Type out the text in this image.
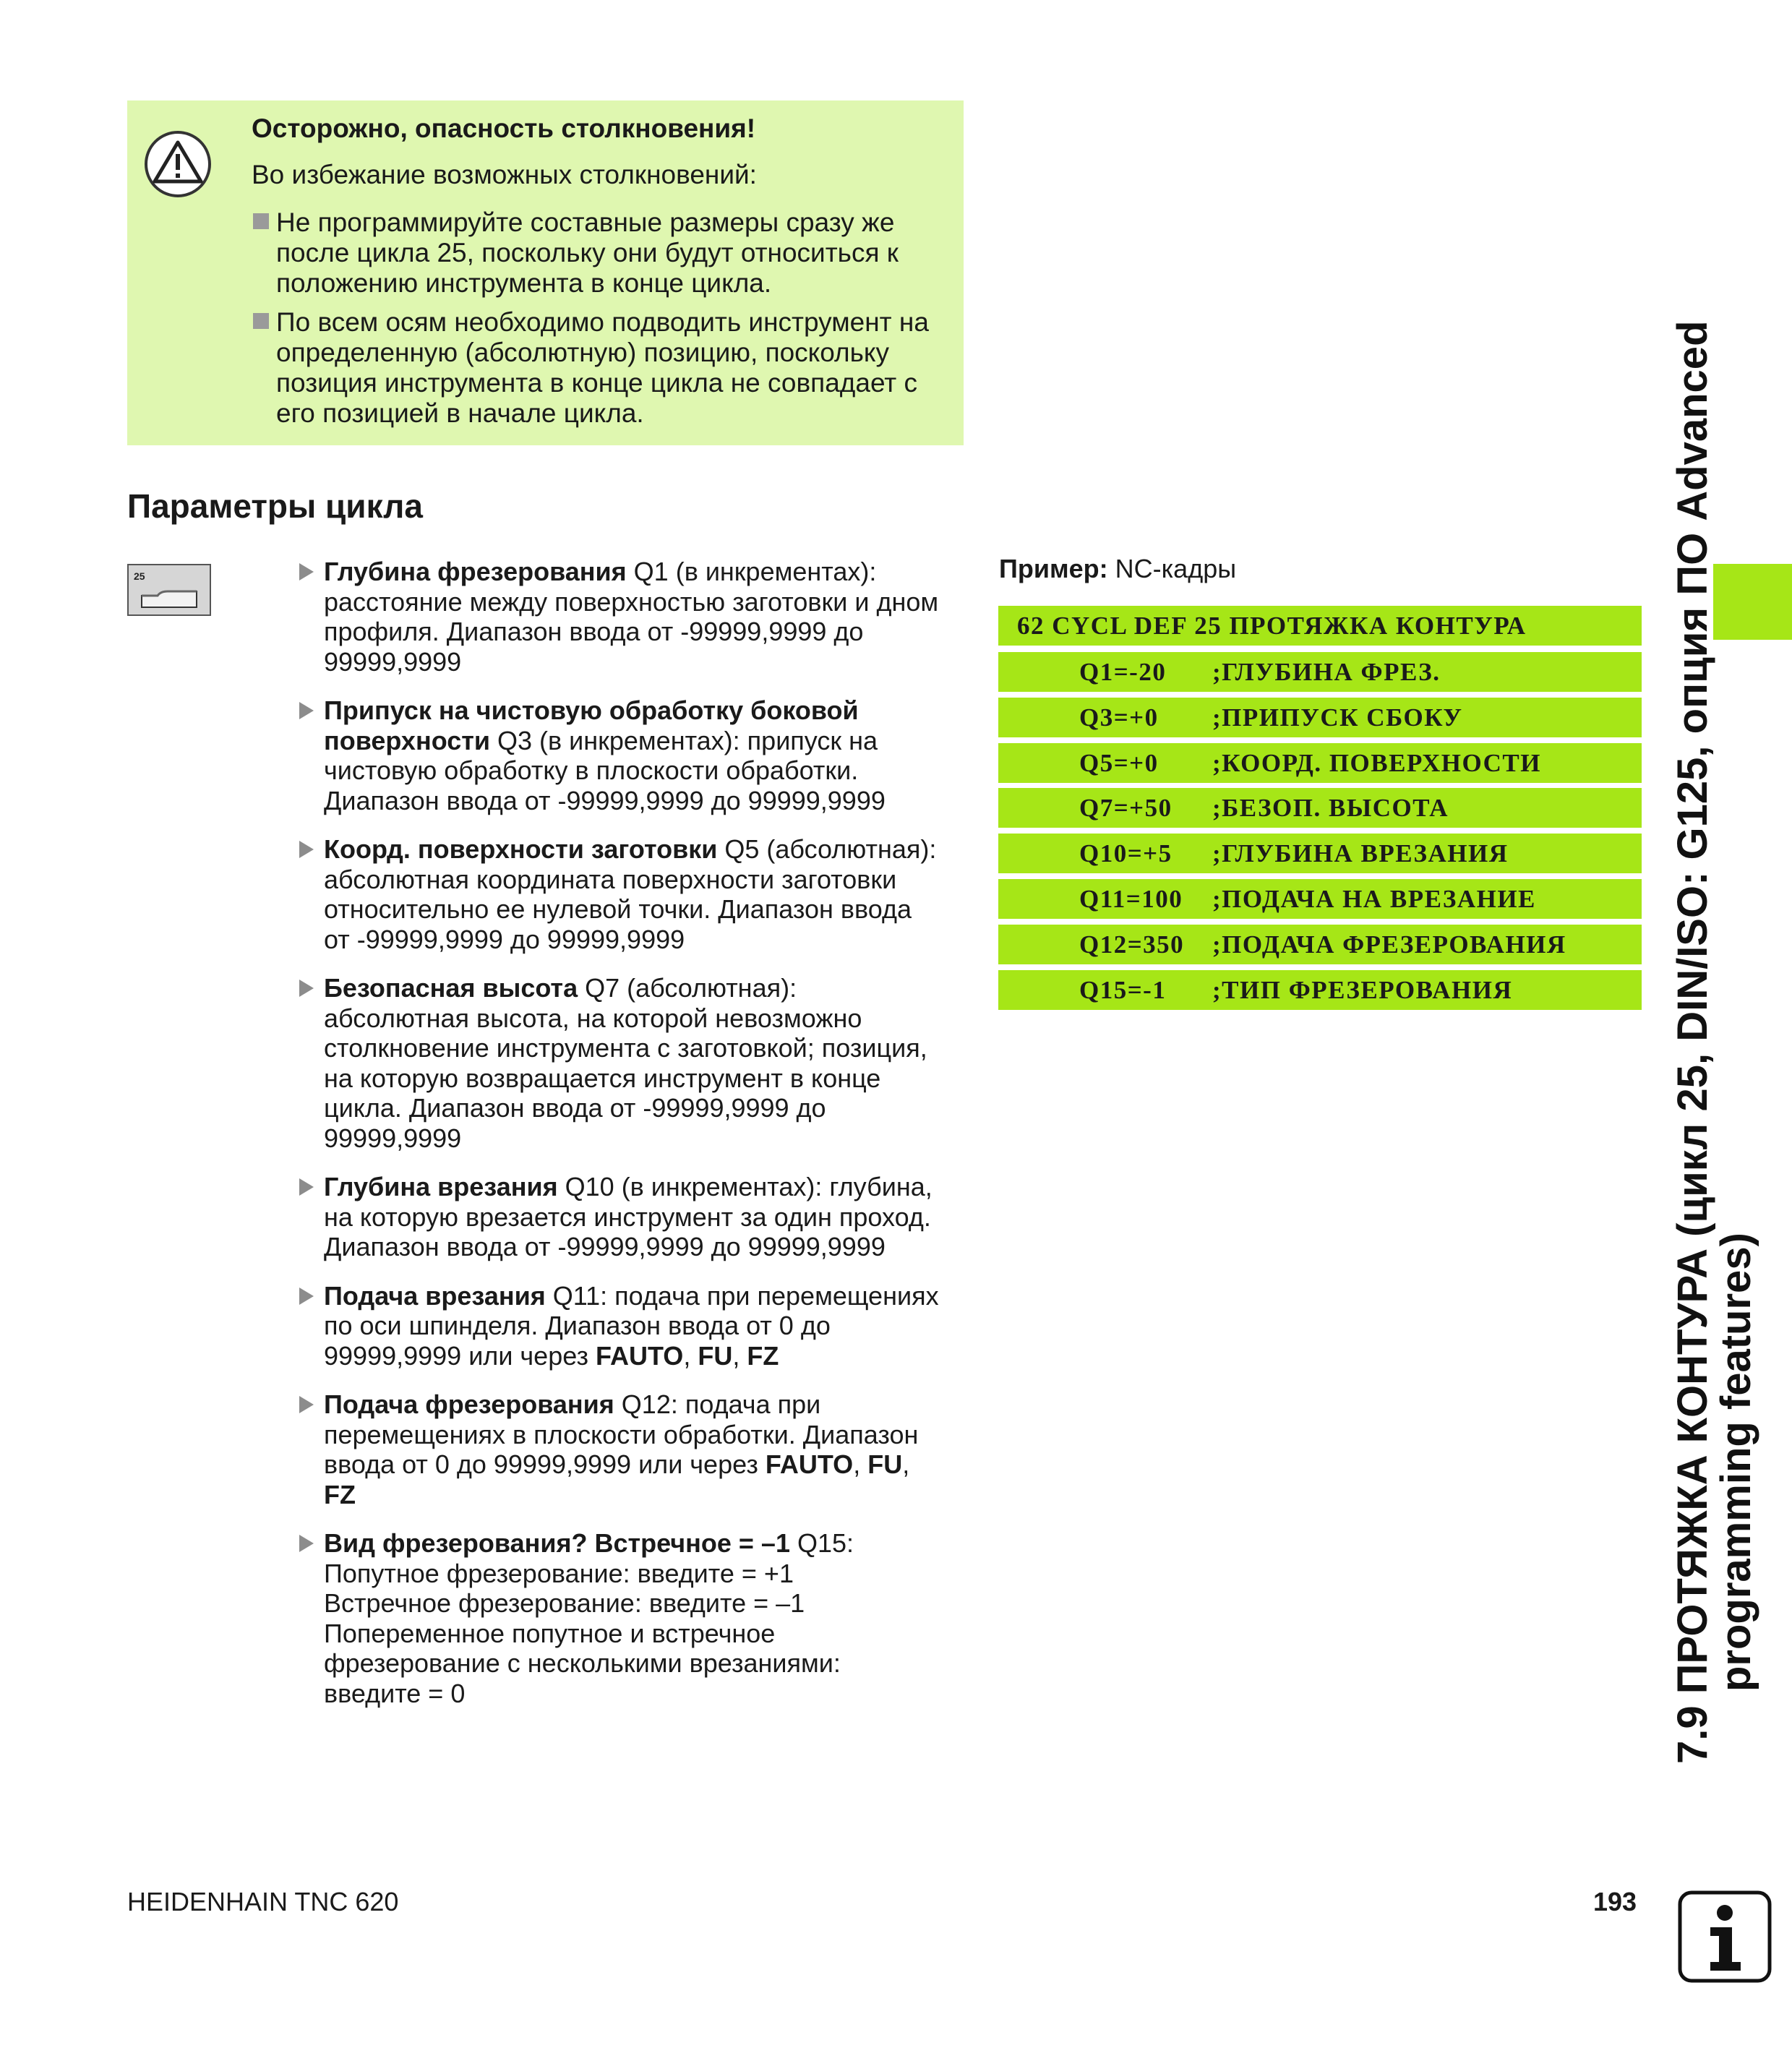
Осторожно, опасность столкновения!
Во избежание возможных столкновений:
Не программируйте составные размеры сразу же
после цикла 25, поскольку они будут относиться к
положению инструмента в конце цикла.
По всем осям необходимо подводить инструмент на
определенную (абсолютную) позицию, поскольку
позиция инструмента в конце цикла не совпадает с
его позицией в начале цикла.
Параметры цикла
25	Глубина фрезерования Q1 (в инкрементах):
расстояние между поверхностью заготовки и дном
профиля. Диапазон ввода от -99999,9999 до
99999,9999
Припуск на чистовую обработку боковой
поверхности Q3 (в инкрементах): припуск на
чистовую обработку в плоскости обработки.
Диапазон ввода от -99999,9999 до 99999,9999
Коорд. поверхности заготовки Q5 (абсолютная):
абсолютная координата поверхности заготовки
относительно ее нулевой точки. Диапазон ввода
от -99999,9999 до 99999,9999
Безопасная высота Q7 (абсолютная):
абсолютная высота, на которой невозможно
столкновение инструмента с заготовкой; позиция,
на которую возвращается инструмент в конце
цикла. Диапазон ввода от -99999,9999 до
99999,9999
Глубина врезания Q10 (в инкрементах): глубина,
на которую врезается инструмент за один проход.
Диапазон ввода от -99999,9999 до 99999,9999
Подача врезания Q11: подача при перемещениях
по оси шпинделя. Диапазон ввода от 0 до
99999,9999 или через FAUTO, FU, FZ
Подача фрезерования Q12: подача при
перемещениях в плоскости обработки. Диапазон
ввода от 0 до 99999,9999 или через FAUTO, FU,
FZ
Вид фрезерования? Встречное = –1 Q15:
Попутное фрезерование: введите = +1
Встречное фрезерование: введите = –1
Попеременное попутное и встречное
фрезерование с несколькими врезаниями:
введите = 0
Пример: NC-кадры
62 CYCL DEF 25 ПРОТЯЖКА КОНТУРА
Q1=-20 ;ГЛУБИНА ФРЕЗ.
Q3=+0 ;ПРИПУСК СБОКУ
Q5=+0 ;КООРД. ПОВЕРХНОСТИ
Q7=+50 ;БЕЗОП. ВЫСОТА
Q10=+5 ;ГЛУБИНА ВРЕЗАНИЯ
Q11=100 ;ПОДАЧА НА ВРЕЗАНИЕ
Q12=350 ;ПОДАЧА ФРЕЗЕРОВАНИЯ
Q15=-1 ;ТИП ФРЕЗЕРОВАНИЯ	7.9 ПРОТЯЖКА КОНТУРА (цикл 25, DIN/ISO: G125, опция ПО Advanced
programming features)
HEIDENHAIN TNC 620	193
